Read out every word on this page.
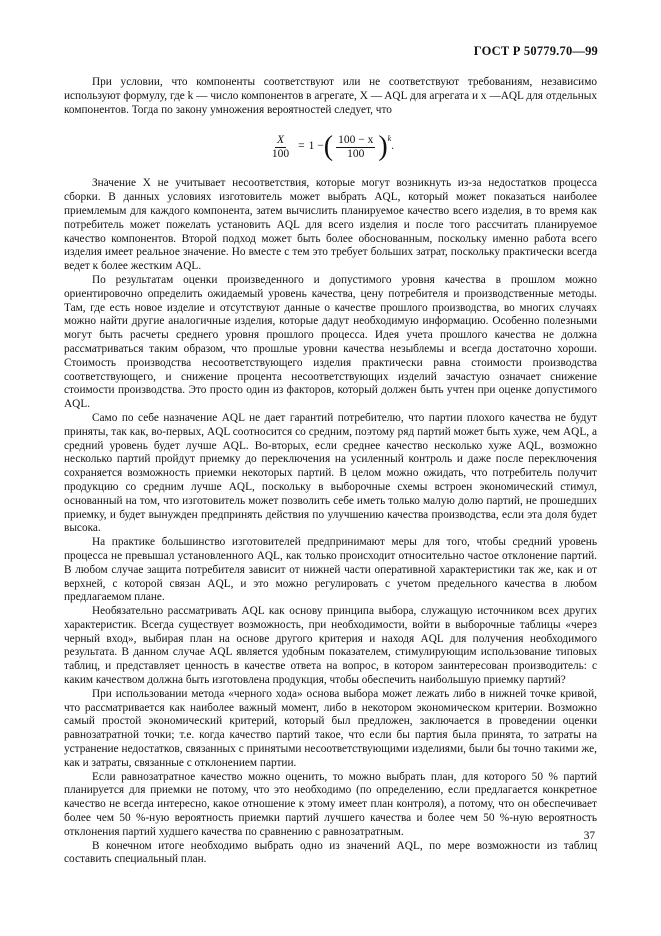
ГОСТ Р 50779.70—99

При условии, что компоненты соответствуют или не соответствуют требованиям, независимо используют формулу, где k — число компонентов в агрегате, X — AQL для агрегата и x —AQL для отдельных компонентов. Тогда по закону умножения вероятностей следует, что

$\frac{X}{100} = 1$ − ( $\frac{100 - x}{100}$ ) k
.

Значение X не учитывает несоответствия, которые могут возникнуть из-за недостатков процесса сборки. В данных условиях изготовитель может выбрать AQL, который может показаться наиболее приемлемым для каждого компонента, затем вычислить планируемое качество всего изделия, в то время как потребитель может пожелать установить AQL для всего изделия и после того рассчитать планируемое качество компонентов. Второй подход может быть более обоснованным, поскольку именно работа всего изделия имеет реальное значение. Но вместе с тем это требует больших затрат, поскольку практически всегда ведет к более жестким AQL.

По результатам оценки произведенного и допустимого уровня качества в прошлом можно ориентировочно определить ожидаемый уровень качества, цену потребителя и производственные методы. Там, где есть новое изделие и отсутствуют данные о качестве прошлого производства, во многих случаях можно найти другие аналогичные изделия, которые дадут необходимую информацию. Особенно полезными могут быть расчеты среднего уровня прошлого процесса. Идея учета прошлого качества не должна рассматриваться таким образом, что прошлые уровни качества незыблемы и всегда достаточно хороши. Стоимость производства несоответствующего изделия практически равна стоимости производства соответствующего, и снижение процента несоответствующих изделий зачастую означает снижение стоимости производства. Это просто один из факторов, который должен быть учтен при оценке допустимого AQL.

Само по себе назначение AQL не дает гарантий потребителю, что партии плохого качества не будут приняты, так как, во-первых, AQL соотносится со средним, поэтому ряд партий может быть хуже, чем AQL, а средний уровень будет лучше AQL. Во-вторых, если среднее качество несколько хуже AQL, возможно несколько партий пройдут приемку до переключения на усиленный контроль и даже после переключения сохраняется возможность приемки некоторых партий. В целом можно ожидать, что потребитель получит продукцию со средним лучше AQL, поскольку в выборочные схемы встроен экономический стимул, основанный на том, что изготовитель может позволить себе иметь только малую долю партий, не прошедших приемку, и будет вынужден предпринять действия по улучшению качества производства, если эта доля будет высока.

На практике большинство изготовителей предпринимают меры для того, чтобы средний уровень процесса не превышал установленного AQL, как только происходит относительно частое отклонение партий. В любом случае защита потребителя зависит от нижней части оперативной характеристики так же, как и от верхней, с которой связан AQL, и это можно регулировать с учетом предельного качества в любом предлагаемом плане.

Необязательно рассматривать AQL как основу принципа выбора, служащую источником всех других характеристик. Всегда существует возможность, при необходимости, войти в выборочные таблицы «через черный вход», выбирая план на основе другого критерия и находя AQL для получения необходимого результата. В данном случае AQL является удобным показателем, стимулирующим использование типовых таблиц, и представляет ценность в качестве ответа на вопрос, в котором заинтересован производитель: с каким качеством должна быть изготовлена продукция, чтобы обеспечить наибольшую приемку партий?

При использовании метода «черного хода» основа выбора может лежать либо в нижней точке кривой, что рассматривается как наиболее важный момент, либо в некотором экономическом критерии. Возможно самый простой экономический критерий, который был предложен, заключается в проведении оценки равнозатратной точки; т.е. когда качество партий такое, что если бы партия была принята, то затраты на устранение недостатков, связанных с принятыми несоответствующими изделиями, были бы точно такими же, как и затраты, связанные с отклонением партии.

Если равнозатратное качество можно оценить, то можно выбрать план, для которого 50 % партий планируется для приемки не потому, что это необходимо (по определению, если предлагается конкретное качество не всегда интересно, какое отношение к этому имеет план контроля), а потому, что он обеспечивает более чем 50 %-ную вероятность приемки партий лучшего качества и более чем 50 %-ную вероятность отклонения партий худшего качества по сравнению с равнозатратным.

В конечном итоге необходимо выбрать одно из значений AQL, по мере возможности из таблиц составить специальный план.

37
